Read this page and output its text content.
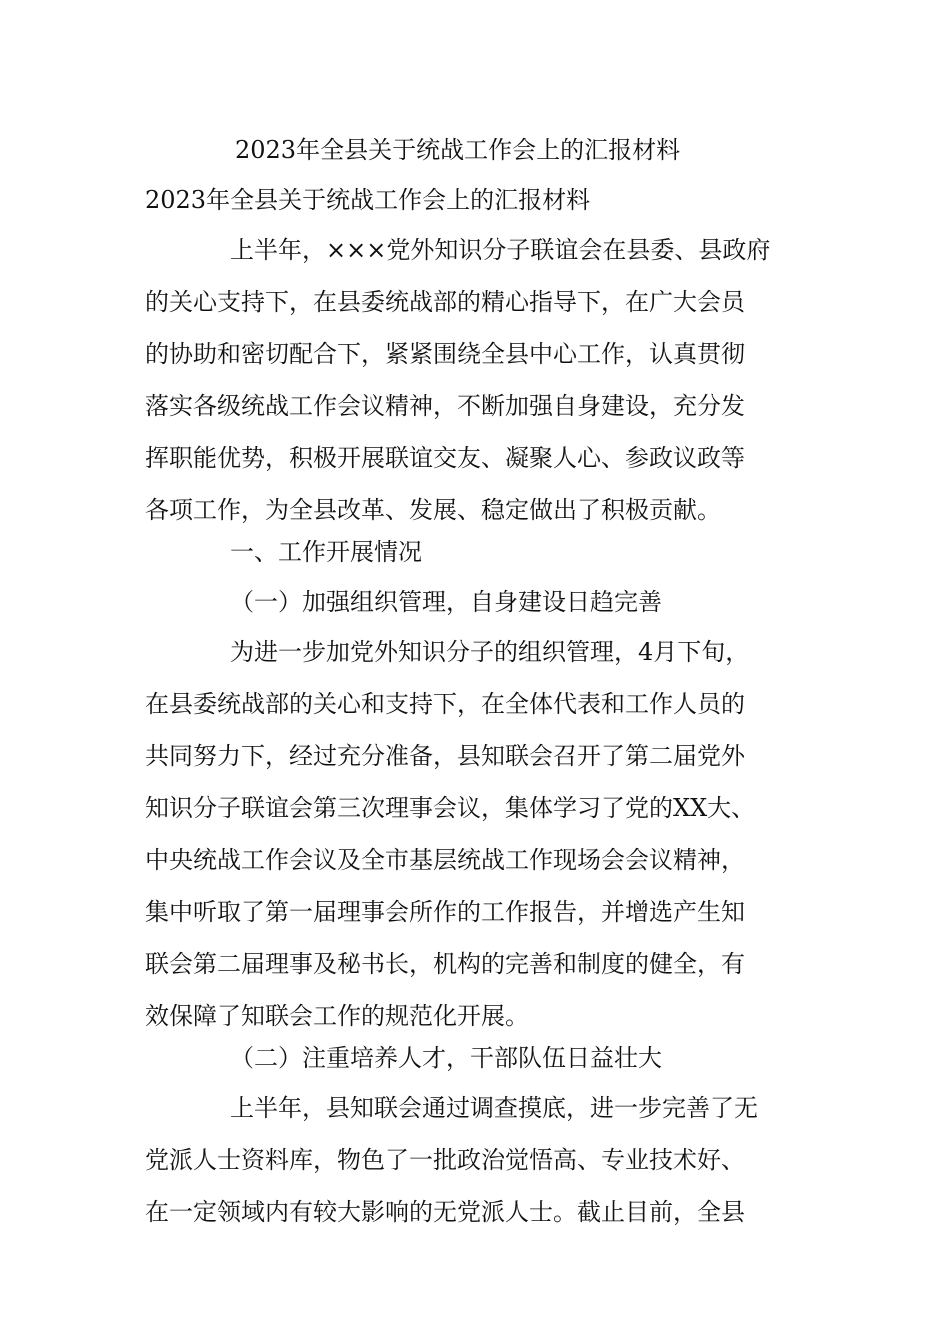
2023年全县关于统战工作会上的汇报材料
2023年全县关于统战工作会上的汇报材料
上半年，×××党外知识分子联谊会在县委、县政府
的关心支持下，在县委统战部的精心指导下，在广大会员
的协助和密切配合下，紧紧围绕全县中心工作，认真贯彻
落实各级统战工作会议精神，不断加强自身建设，充分发
挥职能优势，积极开展联谊交友、凝聚人心、参政议政等
各项工作，为全县改革、发展、稳定做出了积极贡献。
一、工作开展情况
（一）加强组织管理，自身建设日趋完善
为进一步加党外知识分子的组织管理，4月下旬，
在县委统战部的关心和支持下，在全体代表和工作人员的
共同努力下，经过充分准备，县知联会召开了第二届党外
知识分子联谊会第三次理事会议，集体学习了党的XX大、
中央统战工作会议及全市基层统战工作现场会会议精神，
集中听取了第一届理事会所作的工作报告，并增选产生知
联会第二届理事及秘书长，机构的完善和制度的健全，有
效保障了知联会工作的规范化开展。
（二）注重培养人才，干部队伍日益壮大
上半年，县知联会通过调查摸底，进一步完善了无
党派人士资料库，物色了一批政治觉悟高、专业技术好、
在一定领域内有较大影响的无党派人士。截止目前，全县
